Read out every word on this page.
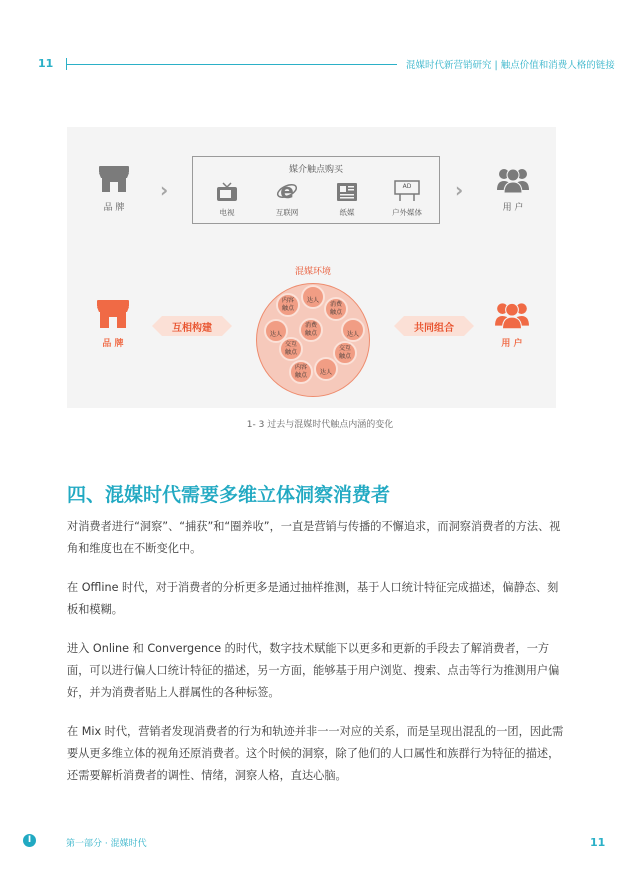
11	混媒时代新营销研究 | 触点价值和消费人格的链接
品 牌
›
媒介触点购买
电视
e
互联网	纸媒
AD
户外媒体
›
用 户
混媒环境
内容
触点
达人
消费
触点
达人
消费
触点
达人
交互
触点
交互
触点
内容
触点	达人
品 牌
互相构建	共同组合
用 户
1- 3 过去与混媒时代触点内涵的变化
四、混媒时代需要多维立体洞察消费者
对消费者进行“洞察”、“捕获”和“圈养收”，一直是营销与传播的不懈追求，而洞察消费者的方法、视角和维度也在不断变化中。
在 Offline 时代，对于消费者的分析更多是通过抽样推测，基于人口统计特征完成描述，偏静态、刻板和模糊。
进入 Online 和 Convergence 的时代，数字技术赋能下以更多和更新的手段去了解消费者，一方面，可以进行偏人口统计特征的描述，另一方面，能够基于用户浏览、搜索、点击等行为推测用户偏好，并为消费者贴上人群属性的各种标签。
在 Mix 时代，营销者发现消费者的行为和轨迹并非一一对应的关系，而是呈现出混乱的一团，因此需要从更多维立体的视角还原消费者。这个时候的洞察，除了他们的人口属性和族群行为特征的描述，还需要解析消费者的调性、情绪，洞察人格，直达心脑。
I	第一部分 · 混媒时代	11
